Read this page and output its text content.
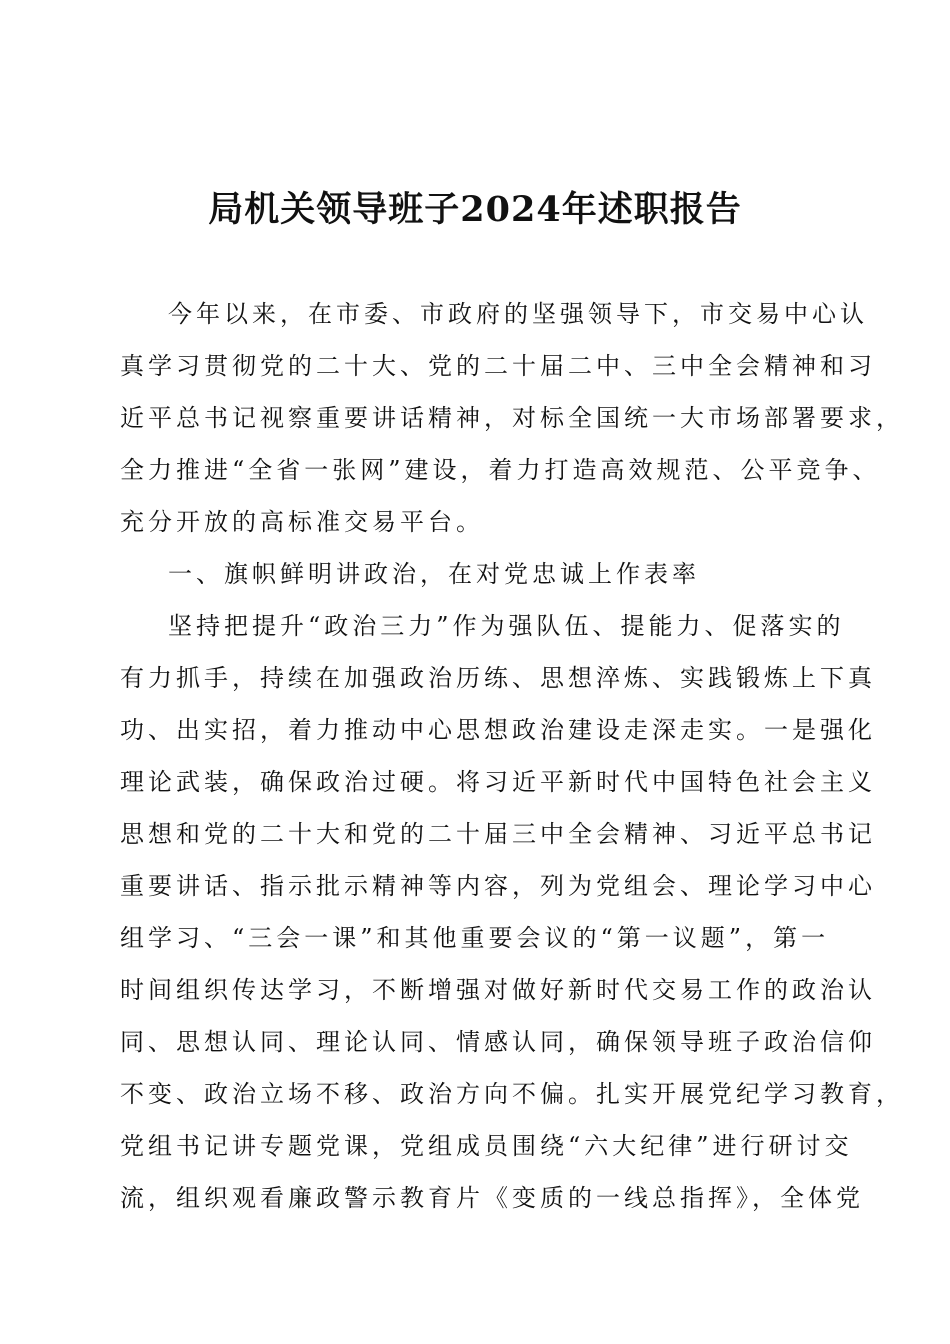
局机关领导班子2024年述职报告
今年以来，在市委、市政府的坚强领导下，市交易中心认
真学习贯彻党的二十大、党的二十届二中、三中全会精神和习
近平总书记视察重要讲话精神，对标全国统一大市场部署要求，
全力推进“全省一张网”建设，着力打造高效规范、公平竞争、
充分开放的高标准交易平台。
一、旗帜鲜明讲政治，在对党忠诚上作表率
坚持把提升“政治三力”作为强队伍、提能力、促落实的
有力抓手，持续在加强政治历练、思想淬炼、实践锻炼上下真
功、出实招，着力推动中心思想政治建设走深走实。一是强化
理论武装，确保政治过硬。将习近平新时代中国特色社会主义
思想和党的二十大和党的二十届三中全会精神、习近平总书记
重要讲话、指示批示精神等内容，列为党组会、理论学习中心
组学习、“三会一课”和其他重要会议的“第一议题”，第一
时间组织传达学习，不断增强对做好新时代交易工作的政治认
同、思想认同、理论认同、情感认同，确保领导班子政治信仰
不变、政治立场不移、政治方向不偏。扎实开展党纪学习教育，
党组书记讲专题党课，党组成员围绕“六大纪律”进行研讨交
流，组织观看廉政警示教育片《变质的一线总指挥》，全体党
